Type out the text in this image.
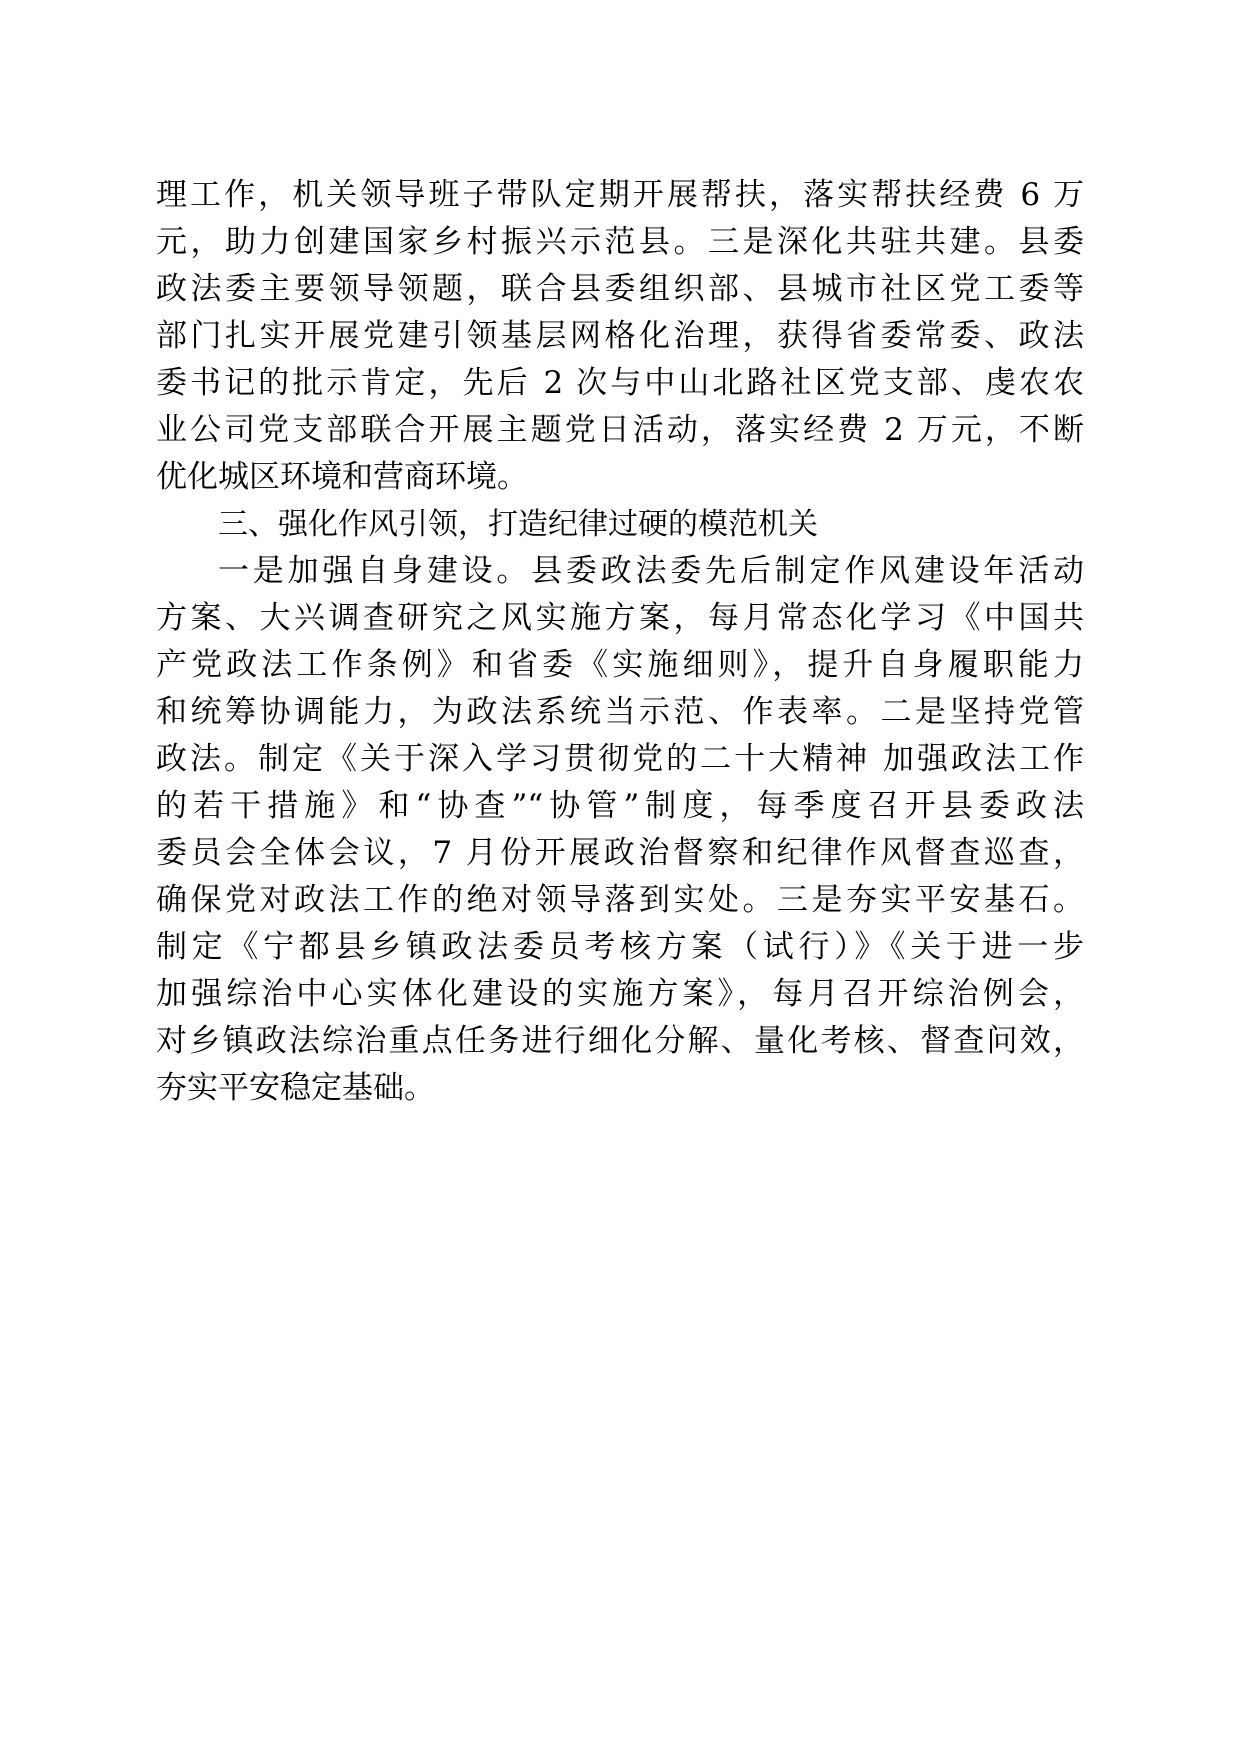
理工作，机关领导班子带队定期开展帮扶，落实帮扶经费 6 万
元，助力创建国家乡村振兴示范县。三是深化共驻共建。县委
政法委主要领导领题，联合县委组织部、县城市社区党工委等
部门扎实开展党建引领基层网格化治理，获得省委常委、政法
委书记的批示肯定，先后 2 次与中山北路社区党支部、虔农农
业公司党支部联合开展主题党日活动，落实经费 2 万元，不断
优化城区环境和营商环境。
三、强化作风引领，打造纪律过硬的模范机关
一是加强自身建设。县委政法委先后制定作风建设年活动
方案、大兴调查研究之风实施方案，每月常态化学习《中国共
产党政法工作条例》和省委《实施细则》，提升自身履职能力
和统筹协调能力，为政法系统当示范、作表率。二是坚持党管
政法。制定《关于深入学习贯彻党的二十大精神 加强政法工作
的若干措施》和“协查”“协管”制度，每季度召开县委政法
委员会全体会议，7 月份开展政治督察和纪律作风督查巡查，
确保党对政法工作的绝对领导落到实处。三是夯实平安基石。
制定《宁都县乡镇政法委员考核方案（试行）》《关于进一步
加强综治中心实体化建设的实施方案》，每月召开综治例会，
对乡镇政法综治重点任务进行细化分解、量化考核、督查问效，
夯实平安稳定基础。
